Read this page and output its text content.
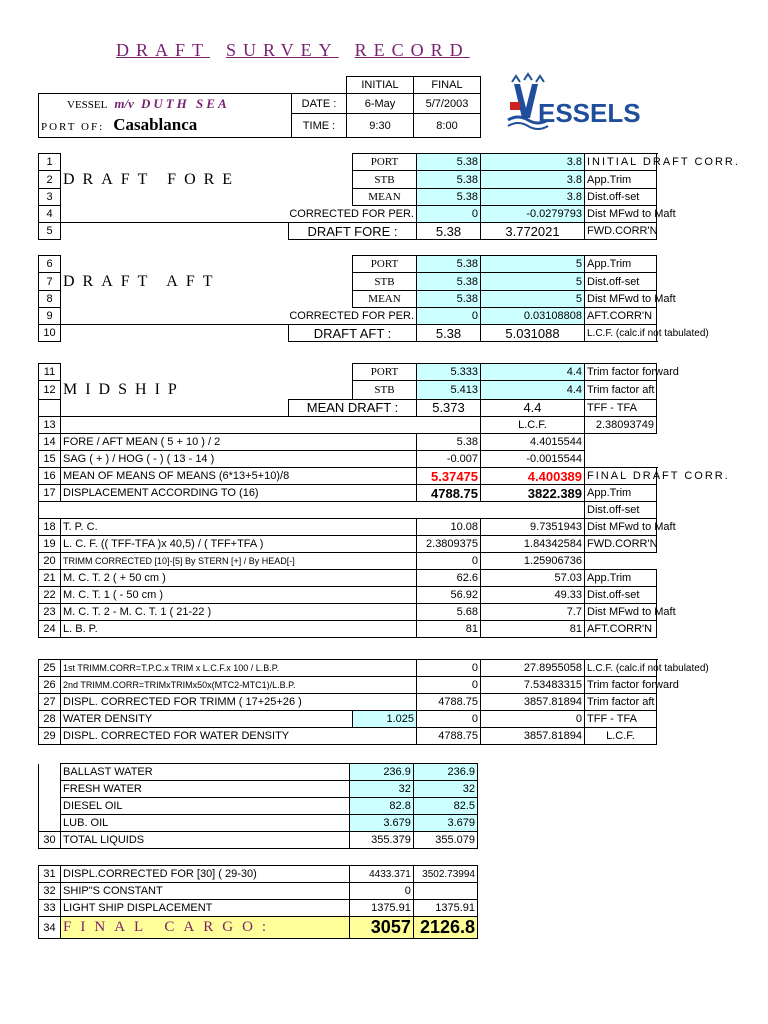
DRAFT SURVEY RECORD
INITIAL	FINAL
VESSEL m/v DUTH SEA	DATE :	6-May	5/7/2003
PORT OF: Casablanca	TIME :	9:30	8:00	ESSELS
1			PORT	5.38	3.8	INITIAL DRAFT CORR.	
2	DRAFT FORE		STB	5.38	3.8	App.Trim	
3			MEAN	5.38	3.8	Dist.off-set	
4	CORRECTED FOR PER.			0	-0.0279793	Dist MFwd to Maft	
5		DRAFT FORE :		5.38	3.772021	FWD.CORR'N	
6			PORT	5.38	5	App.Trim	
7	DRAFT AFT		STB	5.38	5	Dist.off-set	
8			MEAN	5.38	5	Dist MFwd to Maft	
9	CORRECTED FOR PER.			0	0.03108808	AFT.CORR'N	
10		DRAFT AFT :		5.38	5.031088	L.C.F. (calc.if not tabulated)	
11			PORT	5.333	4.4	Trim factor forward	
12	MIDSHIP		STB	5.413	4.4	Trim factor aft	
		MEAN DRAFT :		5.373	4.4	TFF - TFA	
13					L.C.F.	2.38093749	
14	FORE / AFT MEAN ( 5 + 10 ) / 2	5.38	4.4015544		
15	SAG ( + ) / HOG ( - ) ( 13 - 14 )	-0.007	-0.0015544		
16	MEAN OF MEANS OF MEANS (6*13+5+10)/8	5.37475	4.400389	FINAL DRAFT CORR.	
17	DISPLACEMENT ACCORDING TO (16)	4788.75	3822.389	App.Trim	
				Dist.off-set	
18	T. P. C.	10.08	9.7351943	Dist MFwd to Maft	
19	L. C. F. (( TFF-TFA )x 40,5) / ( TFF+TFA )	2.3809375	1.84342584	FWD.CORR'N	
20	TRIMM CORRECTED [10]-[5] By STERN [+] / By HEAD[-]	0	1.25906736		
21	M. C. T. 2 ( + 50 cm )	62.6	57.03	App.Trim	
22	M. C. T. 1 ( - 50 cm )	56.92	49.33	Dist.off-set	
23	M. C. T. 2 - M. C. T. 1 ( 21-22 )	5.68	7.7	Dist MFwd to Maft	
24	L. B. P.	81	81	AFT.CORR'N	
25	1st TRIMM.CORR=T.P.C.x TRIM x L.C.F.x 100 / L.B.P.		0	27.8955058	L.C.F. (calc.if not tabulated)	
26	2nd TRIMM.CORR=TRIMxTRIMx50x(MTC2-MTC1)/L.B.P.		0	7.53483315	Trim factor forward	
27	DISPL. CORRECTED FOR TRIMM ( 17+25+26 )		4788.75	3857.81894	Trim factor aft	
28	WATER DENSITY	1.025	0	0	TFF - TFA	
29	DISPL. CORRECTED FOR WATER DENSITY		4788.75	3857.81894	L.C.F.	
	BALLAST WATER	236.9	236.9
	FRESH WATER	32	32
	DIESEL OIL	82.8	82.5
	LUB. OIL	3.679	3.679
30	TOTAL LIQUIDS	355.379	355.079
31	DISPL.CORRECTED FOR [30] ( 29-30)	4433.371	3502.73994
32	SHIP"S CONSTANT	0	
33	LIGHT SHIP DISPLACEMENT	1375.91	1375.91
34	FINAL CARGO:	3057	2126.8
